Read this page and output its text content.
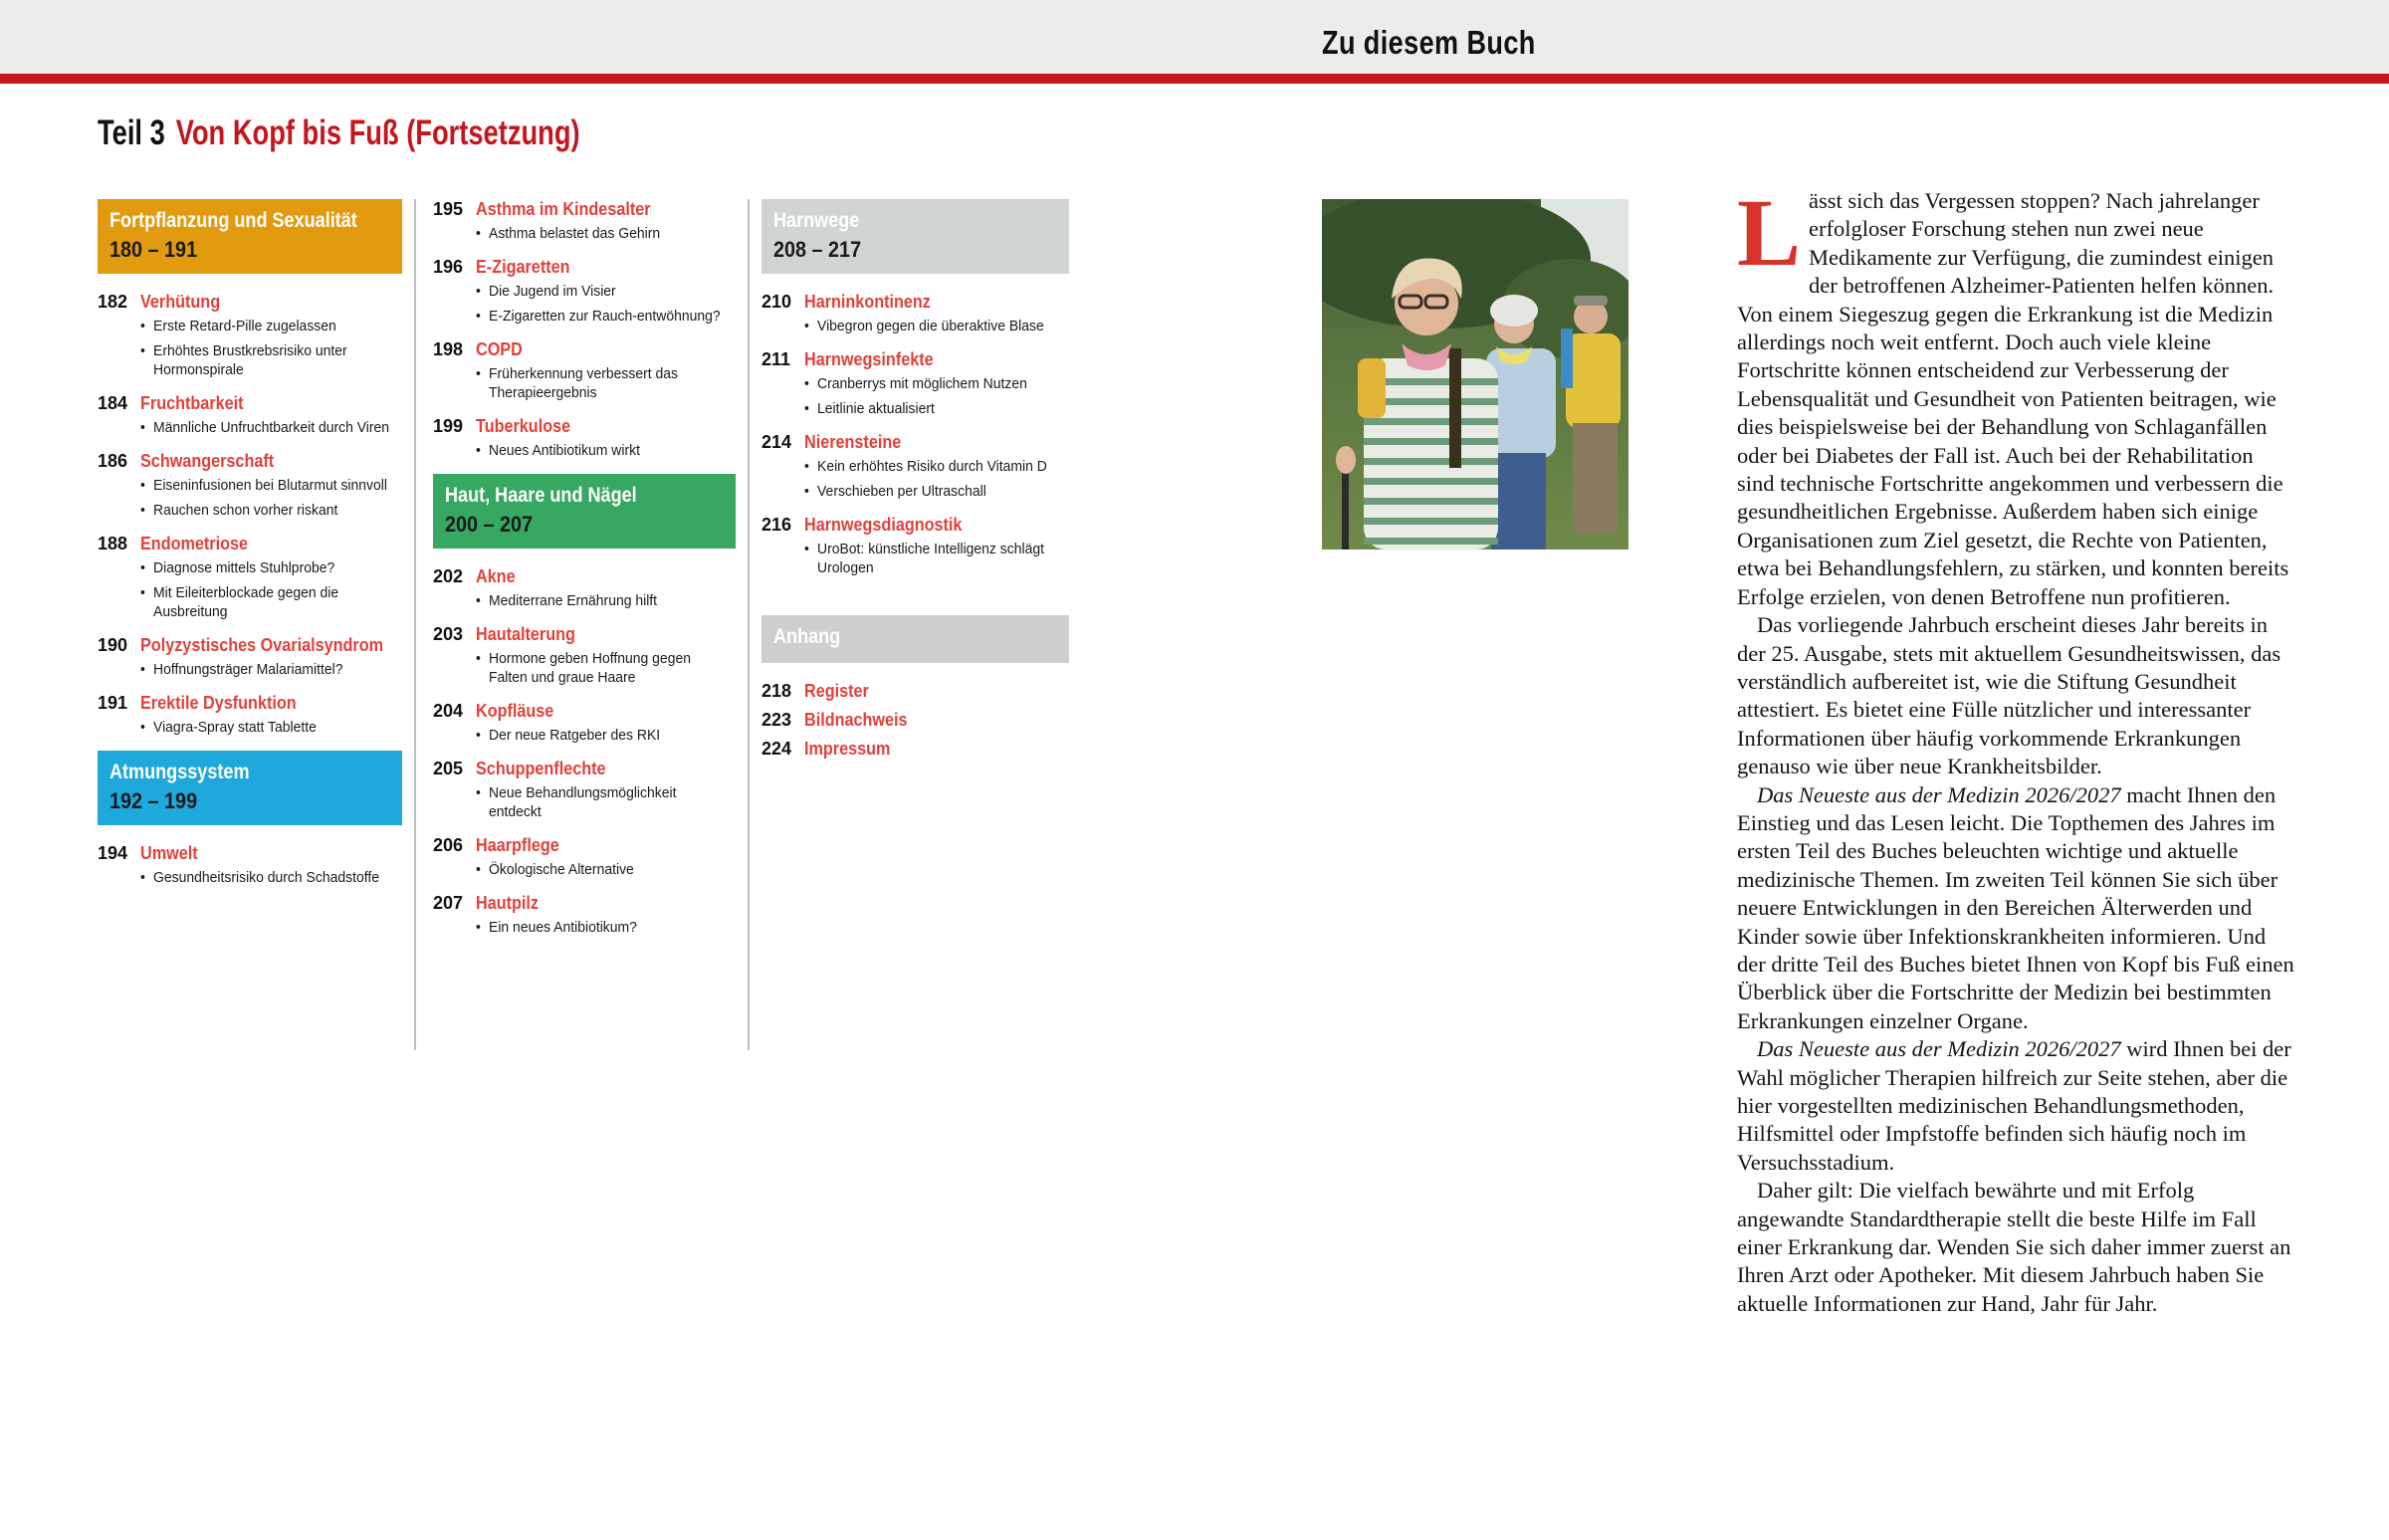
Zu diesem Buch
Teil 3 Von Kopf bis Fuß (Fortsetzung)
Fortpflanzung und Sexualität
180 – 191
182 Verhütung
• Erste Retard-Pille zugelassen
• Erhöhtes Brustkrebsrisiko unter Hormonspirale
184 Fruchtbarkeit
• Männliche Unfruchtbarkeit durch Viren
186 Schwangerschaft
• Eiseninfusionen bei Blutarmut sinnvoll
• Rauchen schon vorher riskant
188 Endometriose
• Diagnose mittels Stuhlprobe?
• Mit Eileiterblockade gegen die Ausbreitung
190 Polyzystisches Ovarialsyndrom
• Hoffnungsträger Malariamittel?
191 Erektile Dysfunktion
• Viagra-Spray statt Tablette
Atmungssystem
192 – 199
194 Umwelt
• Gesundheitsrisiko durch Schadstoffe
195 Asthma im Kindesalter
• Asthma belastet das Gehirn
196 E-Zigaretten
• Die Jugend im Visier
• E-Zigaretten zur Rauch-entwöhnung?
198 COPD
• Früherkennung verbessert das Therapieergebnis
199 Tuberkulose
• Neues Antibiotikum wirkt
Haut, Haare und Nägel
200 – 207
202 Akne
• Mediterrane Ernährung hilft
203 Hautalterung
• Hormone geben Hoffnung gegen Falten und graue Haare
204 Kopfläuse
• Der neue Ratgeber des RKI
205 Schuppenflechte
• Neue Behandlungsmöglichkeit entdeckt
206 Haarpflege
• Ökologische Alternative
207 Hautpilz
• Ein neues Antibiotikum?
Harnwege
208 – 217
210 Harninkontinenz
• Vibegron gegen die überaktive Blase
211 Harnwegsinfekte
• Cranberrys mit möglichem Nutzen
• Leitlinie aktualisiert
214 Nierensteine
• Kein erhöhtes Risiko durch Vitamin D
• Verschieben per Ultraschall
216 Harnwegsdiagnostik
• UroBot: künstliche Intelligenz schlägt Urologen
Anhang
218 Register
223 Bildnachweis
224 Impressum

Lässt sich das Vergessen stoppen? Nach jahrelanger erfolgloser Forschung stehen nun zwei neue Medikamente zur Verfügung, die zumindest einigen der betroffenen Alzheimer-Patienten helfen können. Von einem Siegeszug gegen die Erkrankung ist die Medizin allerdings noch weit entfernt. Doch auch viele kleine Fortschritte können entscheidend zur Verbesserung der Lebensqualität und Gesundheit von Patienten beitragen, wie dies beispielsweise bei der Behandlung von Schlaganfällen oder bei Diabetes der Fall ist. Auch bei der Rehabilitation sind technische Fortschritte angekommen und verbessern die gesundheitlichen Ergebnisse. Außerdem haben sich einige Organisationen zum Ziel gesetzt, die Rechte von Patienten, etwa bei Behandlungsfehlern, zu stärken, und konnten bereits Erfolge erzielen, von denen Betroffene nun profitieren.

Das vorliegende Jahrbuch erscheint dieses Jahr bereits in der 25. Ausgabe, stets mit aktuellem Gesundheitswissen, das verständlich aufbereitet ist, wie die Stiftung Gesundheit attestiert. Es bietet eine Fülle nützlicher und interessanter Informationen über häufig vorkommende Erkrankungen genauso wie über neue Krankheitsbilder.

Das Neueste aus der Medizin 2026/2027 macht Ihnen den Einstieg und das Lesen leicht. Die Topthemen des Jahres im ersten Teil des Buches beleuchten wichtige und aktuelle medizinische Themen. Im zweiten Teil können Sie sich über neuere Entwicklungen in den Bereichen Älterwerden und Kinder sowie über Infektionskrankheiten informieren. Und der dritte Teil des Buches bietet Ihnen von Kopf bis Fuß einen Überblick über die Fortschritte der Medizin bei bestimmten Erkrankungen einzelner Organe.

Das Neueste aus der Medizin 2026/2027 wird Ihnen bei der Wahl möglicher Therapien hilfreich zur Seite stehen, aber die hier vorgestellten medizinischen Behandlungsmethoden, Hilfsmittel oder Impfstoffe befinden sich häufig noch im Versuchsstadium.

Daher gilt: Die vielfach bewährte und mit Erfolg angewandte Standardtherapie stellt die beste Hilfe im Fall einer Erkrankung dar. Wenden Sie sich daher immer zuerst an Ihren Arzt oder Apotheker. Mit diesem Jahrbuch haben Sie aktuelle Informationen zur Hand, Jahr für Jahr.
